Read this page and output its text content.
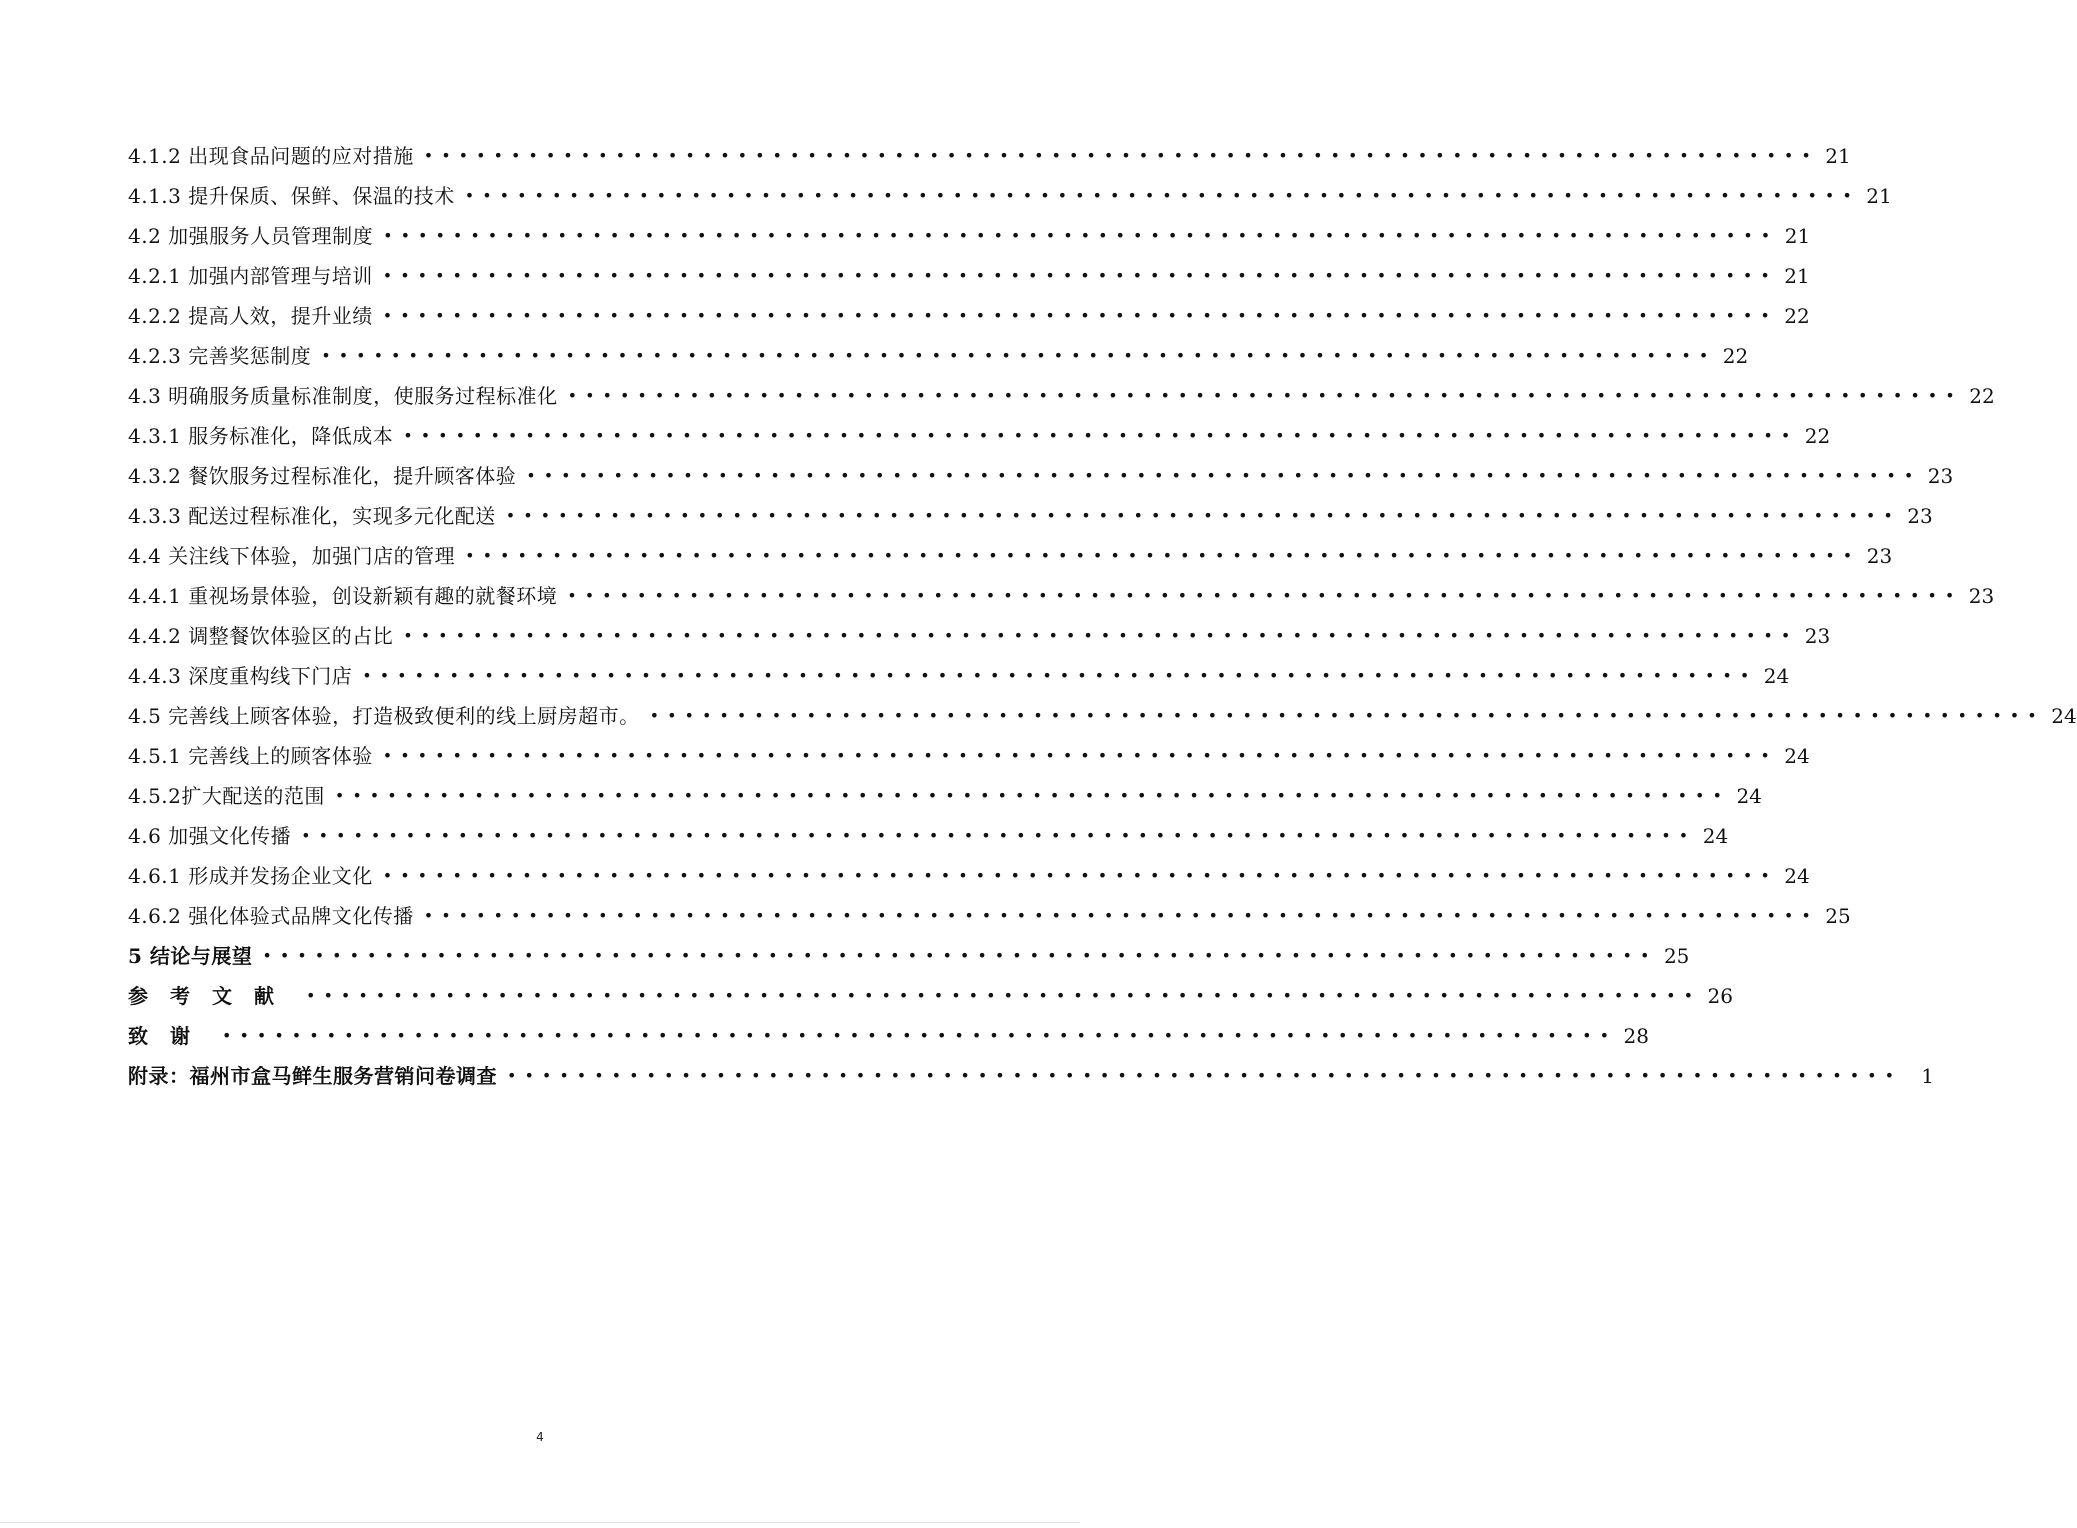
4.1.2 出现食品问题的应对措施 •••••••••••••••••••••••••••••••••••••••••••••••••••••••••••••••••••••••••••••••• 21
4.1.3 提升保质、保鲜、保温的技术 •••••••••••••••••••••••••••••••••••••••••••••••••••••••••••••••••••••••••••••••• 21
4.2 加强服务人员管理制度 •••••••••••••••••••••••••••••••••••••••••••••••••••••••••••••••••••••••••••••••• 21
4.2.1 加强内部管理与培训 •••••••••••••••••••••••••••••••••••••••••••••••••••••••••••••••••••••••••••••••• 21
4.2.2 提高人效，提升业绩 •••••••••••••••••••••••••••••••••••••••••••••••••••••••••••••••••••••••••••••••• 22
4.2.3 完善奖惩制度 •••••••••••••••••••••••••••••••••••••••••••••••••••••••••••••••••••••••••••••••• 22
4.3 明确服务质量标准制度，使服务过程标准化 •••••••••••••••••••••••••••••••••••••••••••••••••••••••••••••••••••••••••••••••• 22
4.3.1 服务标准化，降低成本 •••••••••••••••••••••••••••••••••••••••••••••••••••••••••••••••••••••••••••••••• 22
4.3.2 餐饮服务过程标准化，提升顾客体验 •••••••••••••••••••••••••••••••••••••••••••••••••••••••••••••••••••••••••••••••• 23
4.3.3 配送过程标准化，实现多元化配送 •••••••••••••••••••••••••••••••••••••••••••••••••••••••••••••••••••••••••••••••• 23
4.4 关注线下体验，加强门店的管理 •••••••••••••••••••••••••••••••••••••••••••••••••••••••••••••••••••••••••••••••• 23
4.4.1 重视场景体验，创设新颖有趣的就餐环境 •••••••••••••••••••••••••••••••••••••••••••••••••••••••••••••••••••••••••••••••• 23
4.4.2 调整餐饮体验区的占比 •••••••••••••••••••••••••••••••••••••••••••••••••••••••••••••••••••••••••••••••• 23
4.4.3 深度重构线下门店 •••••••••••••••••••••••••••••••••••••••••••••••••••••••••••••••••••••••••••••••• 24
4.5 完善线上顾客体验，打造极致便利的线上厨房超市。 •••••••••••••••••••••••••••••••••••••••••••••••••••••••••••••••••••••••••••••••• 24
4.5.1 完善线上的顾客体验 •••••••••••••••••••••••••••••••••••••••••••••••••••••••••••••••••••••••••••••••• 24
4.5.2扩大配送的范围 •••••••••••••••••••••••••••••••••••••••••••••••••••••••••••••••••••••••••••••••• 24
4.6 加强文化传播 •••••••••••••••••••••••••••••••••••••••••••••••••••••••••••••••••••••••••••••••• 24
4.6.1 形成并发扬企业文化 •••••••••••••••••••••••••••••••••••••••••••••••••••••••••••••••••••••••••••••••• 24
4.6.2 强化体验式品牌文化传播 •••••••••••••••••••••••••••••••••••••••••••••••••••••••••••••••••••••••••••••••• 25
5 结论与展望 •••••••••••••••••••••••••••••••••••••••••••••••••••••••••••••••••••••••••••••••• 25
参考文献 •••••••••••••••••••••••••••••••••••••••••••••••••••••••••••••••••••••••••••••••• 26
致谢 •••••••••••••••••••••••••••••••••••••••••••••••••••••••••••••••••••••••••••••••• 28
附录：福州市盒马鲜生服务营销问卷调查 •••••••••••••••••••••••••••••••••••••••••••••••••••••••••••••••••••••••••••••••• 1
4
